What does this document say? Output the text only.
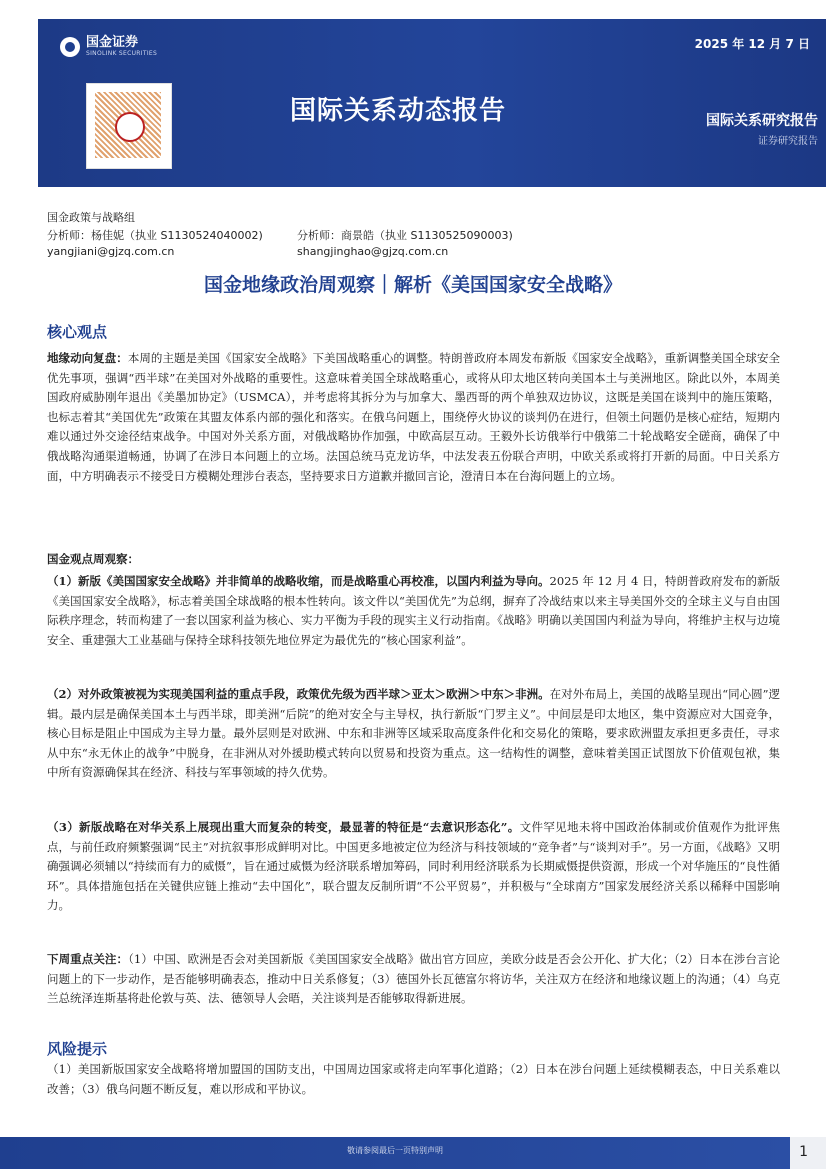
国金证券
SINOLINK SECURITIES
2025 年 12 月 7 日
国际关系动态报告	国际关系研究报告
证券研究报告
国金政策与战略组
分析师：杨佳妮（执业 S1130524040002)	分析师：商景皓（执业 S1130525090003)
yangjiani@gjzq.com.cn	shangjinghao@gjzq.com.cn
国金地缘政治周观察｜解析《美国国家安全战略》
核心观点
地缘动向复盘：本周的主题是美国《国家安全战略》下美国战略重心的调整。特朗普政府本周发布新版《国家安全战略》，重新调整美国全球安全优先事项，强调“西半球”在美国对外战略的重要性。这意味着美国全球战略重心，或将从印太地区转向美国本土与美洲地区。除此以外，本周美国政府威胁刚年退出《美墨加协定》（USMCA），并考虑将其拆分为与加拿大、墨西哥的两个单独双边协议，这既是美国在谈判中的施压策略，也标志着其“美国优先”政策在其盟友体系内部的强化和落实。在俄乌问题上，围绕停火协议的谈判仍在进行，但领土问题仍是核心症结，短期内难以通过外交途径结束战争。中国对外关系方面，对俄战略协作加强，中欧高层互动。王毅外长访俄举行中俄第二十轮战略安全磋商，确保了中俄战略沟通渠道畅通，协调了在涉日本问题上的立场。法国总统马克龙访华，中法发表五份联合声明，中欧关系或将打开新的局面。中日关系方面，中方明确表示不接受日方模糊处理涉台表态，坚持要求日方道歉并撤回言论，澄清日本在台海问题上的立场。
国金观点周观察：
（1）新版《美国国家安全战略》并非简单的战略收缩，而是战略重心再校准，以国内利益为导向。2025 年 12 月 4 日，特朗普政府发布的新版《美国国家安全战略》，标志着美国全球战略的根本性转向。该文件以“美国优先”为总纲，摒弃了冷战结束以来主导美国外交的全球主义与自由国际秩序理念，转而构建了一套以国家利益为核心、实力平衡为手段的现实主义行动指南。《战略》明确以美国国内利益为导向，将维护主权与边境安全、重建强大工业基础与保持全球科技领先地位界定为最优先的“核心国家利益”。
（2）对外政策被视为实现美国利益的重点手段，政策优先级为西半球＞亚太＞欧洲＞中东＞非洲。在对外布局上，美国的战略呈现出“同心圆”逻辑。最内层是确保美国本土与西半球，即美洲“后院”的绝对安全与主导权，执行新版“门罗主义”。中间层是印太地区，集中资源应对大国竞争，核心目标是阻止中国成为主导力量。最外层则是对欧洲、中东和非洲等区域采取高度条件化和交易化的策略，要求欧洲盟友承担更多责任，寻求从中东“永无休止的战争”中脱身，在非洲从对外援助模式转向以贸易和投资为重点。这一结构性的调整，意味着美国正试图放下价值观包袱，集中所有资源确保其在经济、科技与军事领域的持久优势。
（3）新版战略在对华关系上展现出重大而复杂的转变，最显著的特征是“去意识形态化”。文件罕见地未将中国政治体制或价值观作为批评焦点，与前任政府频繁强调“民主”对抗叙事形成鲜明对比。中国更多地被定位为经济与科技领域的“竞争者”与“谈判对手”。另一方面，《战略》又明确强调必须辅以“持续而有力的威慑”，旨在通过威慑为经济联系增加筹码，同时利用经济联系为长期威慑提供资源，形成一个对华施压的“良性循环”。具体措施包括在关键供应链上推动“去中国化”，联合盟友反制所谓“不公平贸易”，并积极与“全球南方”国家发展经济关系以稀释中国影响力。
下周重点关注：（1）中国、欧洲是否会对美国新版《美国国家安全战略》做出官方回应，美欧分歧是否会公开化、扩大化；（2）日本在涉台言论问题上的下一步动作，是否能够明确表态，推动中日关系修复；（3）德国外长瓦德富尔将访华，关注双方在经济和地缘议题上的沟通；（4）乌克兰总统泽连斯基将赴伦敦与英、法、德领导人会晤，关注谈判是否能够取得新进展。
风险提示
（1）美国新版国家安全战略将增加盟国的国防支出，中国周边国家或将走向军事化道路；（2）日本在涉台问题上延续模糊表态，中日关系难以改善；（3）俄乌问题不断反复，难以形成和平协议。
敬请参阅最后一页特别声明	1
